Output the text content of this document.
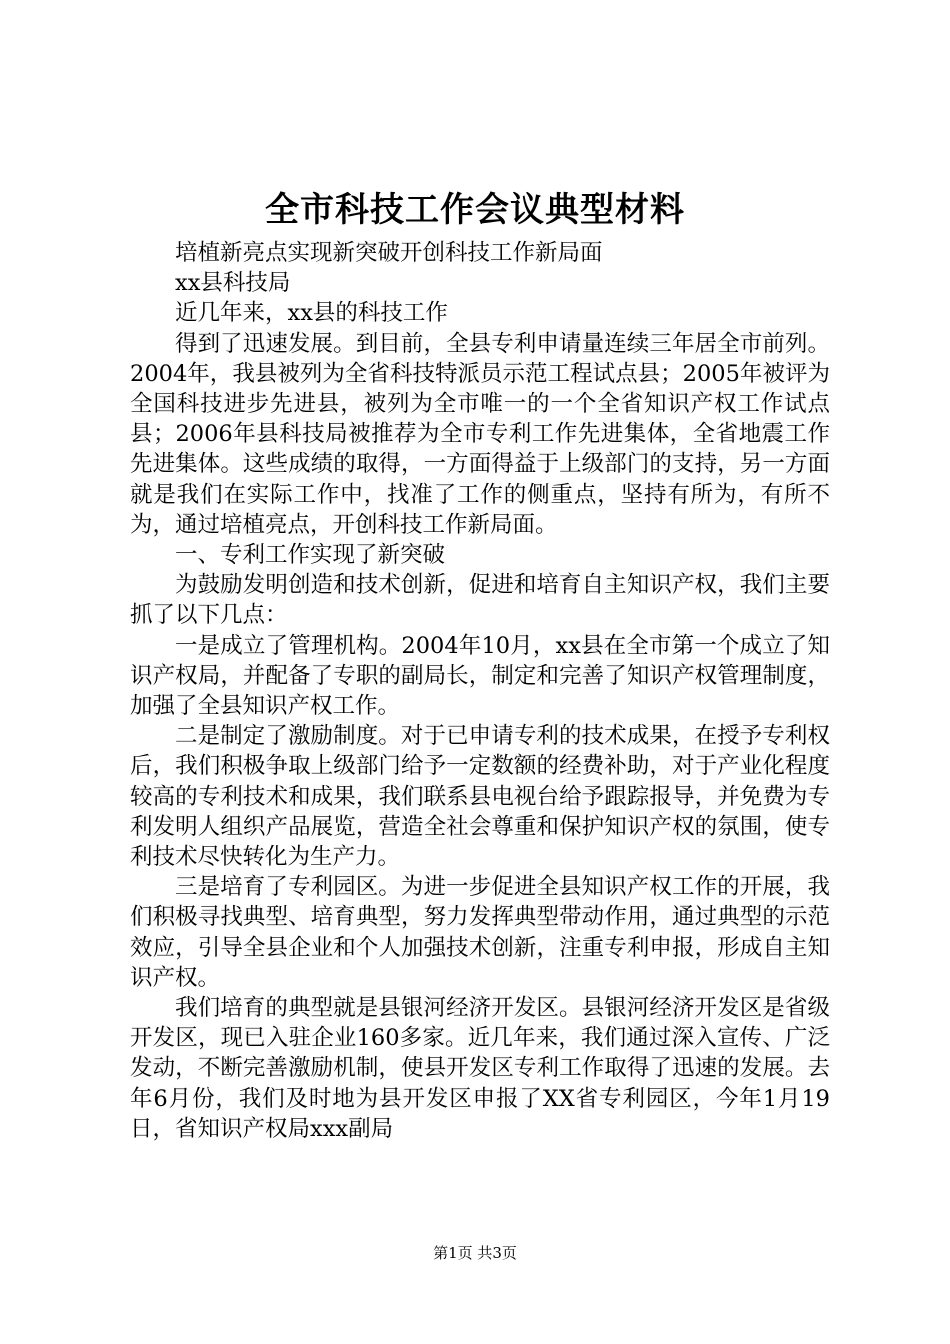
全市科技工作会议典型材料

培植新亮点实现新突破开创科技工作新局面

xx县科技局

近几年来，xx县的科技工作

得到了迅速发展。到目前，全县专利申请量连续三年居全市前列。2004年，我县被列为全省科技特派员示范工程试点县；2005年被评为全国科技进步先进县，被列为全市唯一的一个全省知识产权工作试点县；2006年县科技局被推荐为全市专利工作先进集体，全省地震工作先进集体。这些成绩的取得，一方面得益于上级部门的支持，另一方面就是我们在实际工作中，找准了工作的侧重点，坚持有所为，有所不为，通过培植亮点，开创科技工作新局面。

一、专利工作实现了新突破

为鼓励发明创造和技术创新，促进和培育自主知识产权，我们主要抓了以下几点：

一是成立了管理机构。2004年10月，xx县在全市第一个成立了知识产权局，并配备了专职的副局长，制定和完善了知识产权管理制度，加强了全县知识产权工作。

二是制定了激励制度。对于已申请专利的技术成果，在授予专利权后，我们积极争取上级部门给予一定数额的经费补助，对于产业化程度较高的专利技术和成果，我们联系县电视台给予跟踪报导，并免费为专利发明人组织产品展览，营造全社会尊重和保护知识产权的氛围，使专利技术尽快转化为生产力。

三是培育了专利园区。为进一步促进全县知识产权工作的开展，我们积极寻找典型、培育典型，努力发挥典型带动作用，通过典型的示范效应，引导全县企业和个人加强技术创新，注重专利申报，形成自主知识产权。

我们培育的典型就是县银河经济开发区。县银河经济开发区是省级开发区，现已入驻企业160多家。近几年来，我们通过深入宣传、广泛发动，不断完善激励机制，使县开发区专利工作取得了迅速的发展。去年6月份，我们及时地为县开发区申报了XX省专利园区，今年1月19日，省知识产权局xxx副局

第1页 共3页
